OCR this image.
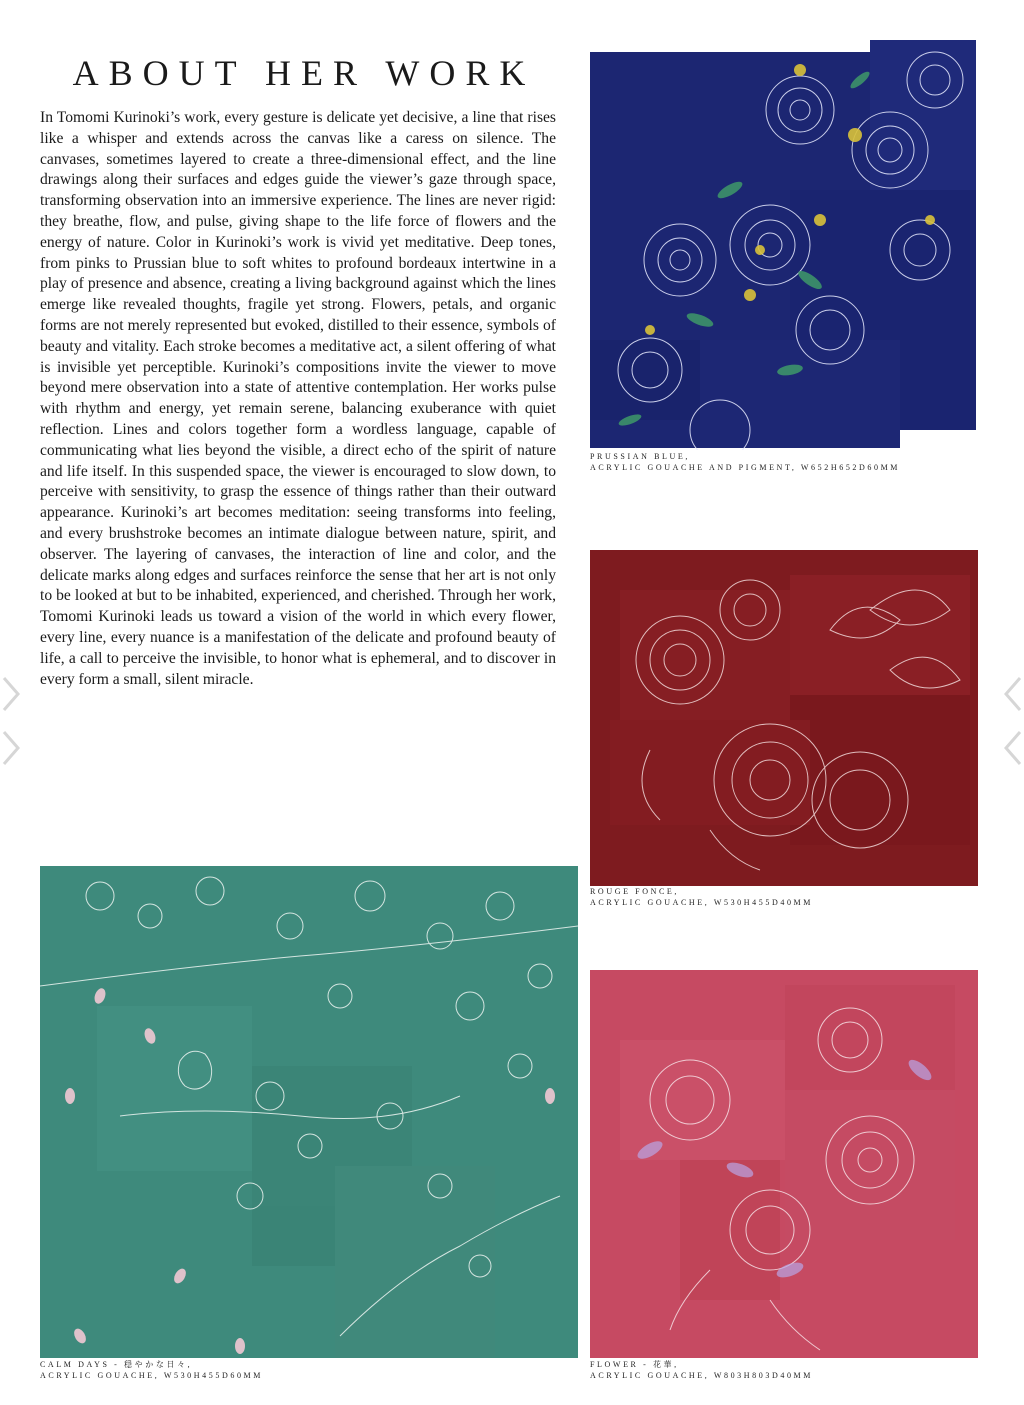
ABOUT HER WORK

In Tomomi Kurinoki’s work, every gesture is delicate yet decisive, a line that rises like a whisper and extends across the canvas like a caress on silence. The canvases, sometimes layered to create a three-dimensional effect, and the line drawings along their surfaces and edges guide the viewer’s gaze through space, transforming observation into an immersive experience. The lines are never rigid: they breathe, flow, and pulse, giving shape to the life force of flowers and the energy of nature. Color in Kurinoki’s work is vivid yet meditative. Deep tones, from pinks to Prussian blue to soft whites to profound bordeaux intertwine in a play of presence and absence, creating a living background against which the lines emerge like revealed thoughts, fragile yet strong. Flowers, petals, and organic forms are not merely represented but evoked, distilled to their essence, symbols of beauty and vitality. Each stroke becomes a meditative act, a silent offering of what is invisible yet perceptible. Kurinoki’s compositions invite the viewer to move beyond mere observation into a state of attentive contemplation. Her works pulse with rhythm and energy, yet remain serene, balancing exuberance with quiet reflection. Lines and colors together form a wordless language, capable of communicating what lies beyond the visible, a direct echo of the spirit of nature and life itself. In this suspended space, the viewer is encouraged to slow down, to perceive with sensitivity, to grasp the essence of things rather than their outward appearance. Kurinoki’s art becomes meditation: seeing transforms into feeling, and every brushstroke becomes an intimate dialogue between nature, spirit, and observer. The layering of canvases, the interaction of line and color, and the delicate marks along edges and surfaces reinforce the sense that her art is not only to be looked at but to be inhabited, experienced, and cherished. Through her work, Tomomi Kurinoki leads us toward a vision of the world in which every flower, every line, every nuance is a manifestation of the delicate and profound beauty of life, a call to perceive the invisible, to honor what is ephemeral, and to discover in every form a small, silent miracle.

PRUSSIAN BLUE,
ACRYLIC GOUACHE AND PIGMENT, W652H652D60MM
ROUGE FONCE,
ACRYLIC GOUACHE, W530H455D40MM
CALM DAYS - 穏やかな日々,
ACRYLIC GOUACHE, W530H455D60MM
FLOWER - 花華,
ACRYLIC GOUACHE, W803H803D40MM
